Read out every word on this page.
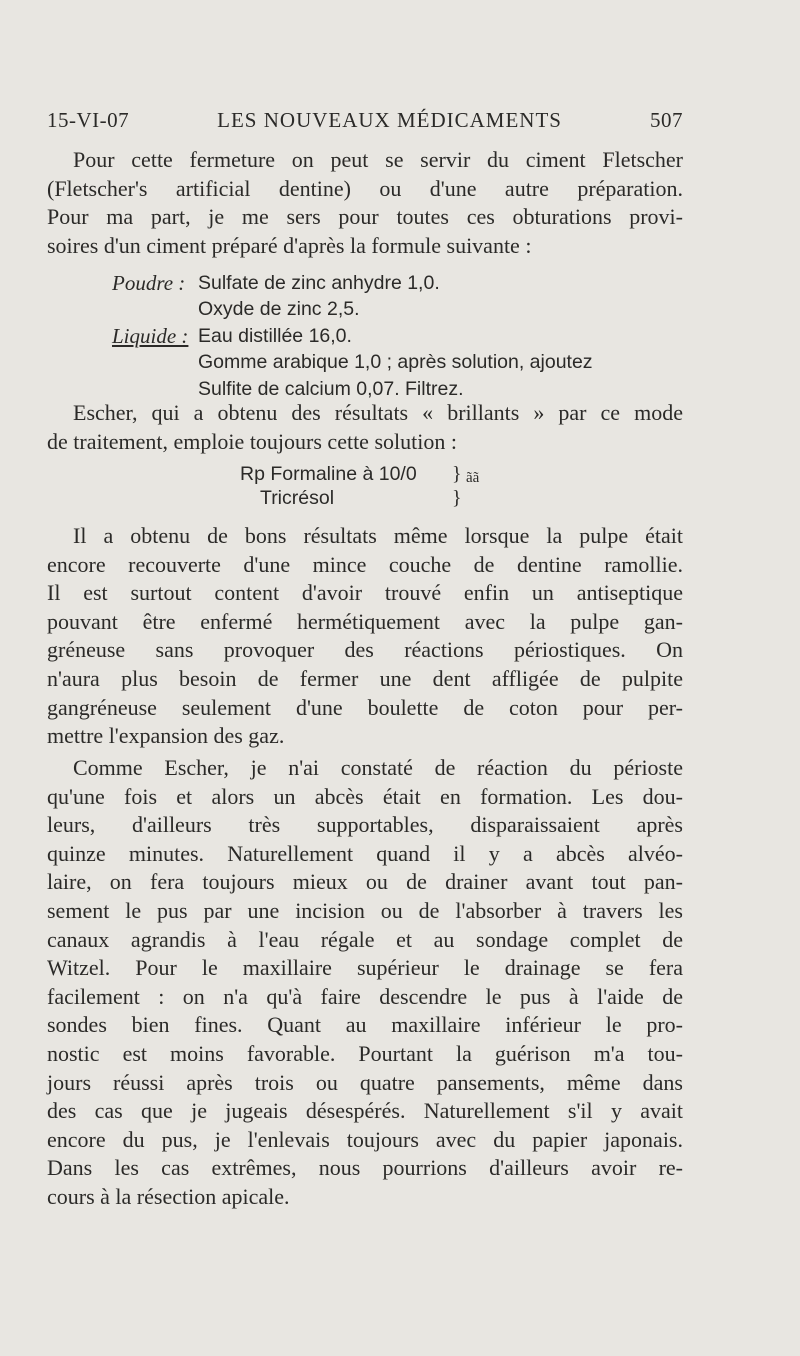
15-VI-07	LES NOUVEAUX MÉDICAMENTS	507

Pour cette fermeture on peut se servir du ciment Fletscher
(Fletscher's artificial dentine) ou d'une autre préparation.
Pour ma part, je me sers pour toutes ces obturations provi-
soires d'un ciment préparé d'après la formule suivante :

Poudre : Sulfate de zinc anhydre 1,0.
Oxyde de zinc 2,5.
Liquide : Eau distillée 16,0.
Gomme arabique 1,0 ; après solution, ajoutez
Sulfite de calcium 0,07. Filtrez.

Escher, qui a obtenu des résultats « brillants » par ce mode
de traitement, emploie toujours cette solution :

Rp Formaline à 10/0
Tricrésol
}
}
ãã

Il a obtenu de bons résultats même lorsque la pulpe était
encore recouverte d'une mince couche de dentine ramollie.
Il est surtout content d'avoir trouvé enfin un antiseptique
pouvant être enfermé hermétiquement avec la pulpe gan-
gréneuse sans provoquer des réactions périostiques. On
n'aura plus besoin de fermer une dent affligée de pulpite
gangréneuse seulement d'une boulette de coton pour per-
mettre l'expansion des gaz.

Comme Escher, je n'ai constaté de réaction du périoste
qu'une fois et alors un abcès était en formation. Les dou-
leurs, d'ailleurs très supportables, disparaissaient après
quinze minutes. Naturellement quand il y a abcès alvéo-
laire, on fera toujours mieux ou de drainer avant tout pan-
sement le pus par une incision ou de l'absorber à travers les
canaux agrandis à l'eau régale et au sondage complet de
Witzel. Pour le maxillaire supérieur le drainage se fera
facilement : on n'a qu'à faire descendre le pus à l'aide de
sondes bien fines. Quant au maxillaire inférieur le pro-
nostic est moins favorable. Pourtant la guérison m'a tou-
jours réussi après trois ou quatre pansements, même dans
des cas que je jugeais désespérés. Naturellement s'il y avait
encore du pus, je l'enlevais toujours avec du papier japonais.
Dans les cas extrêmes, nous pourrions d'ailleurs avoir re-
cours à la résection apicale.
